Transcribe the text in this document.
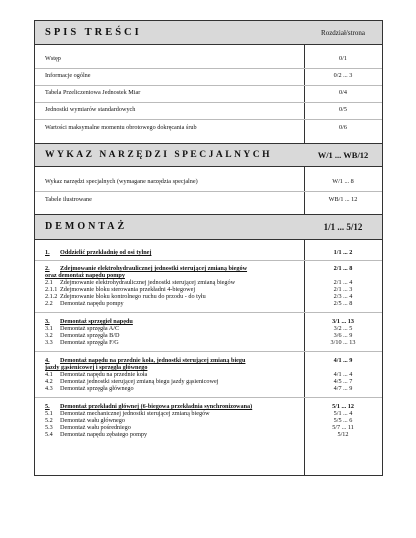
SPIS TREŚCI	Rozdział/strona
Wstęp	0/1
Informacje ogólne	0/2 ... 3
Tabela Przeliczeniowa Jednostek Miar	0/4
Jednostki wymiarów standardowych	0/5
Wartości maksymalne momentu obrotowego dokręcania śrub	0/6
WYKAZ NARZĘDZI SPECJALNYCH	W/1 ... WB/12
Wykaz narzędzi specjalnych (wymagane narzędzia specjalne)	W/1 ... 8
Tabele ilustrowane	WB/1 ... 12
DEMONTAŻ	1/1 ... 5/12
1. Oddzielić przekładnię od osi tylnej	1/1 ... 2
2. Zdejmowanie elektrohydraulicznej jednostki sterującej zmianą biegów
oraz demontaż napędu pompy
2/1 ... 8
2.1 Zdejmowanie elektrohydraulicznej jednostki sterującej zmianą biegów	2/1 ... 4
2.1.1 Zdejmowanie bloku sterowania przekładni 4-biegowej	2/1 ... 3
2.1.2 Zdejmowanie bloku kontrolnego ruchu do przodu - do tyłu	2/3 ... 4
2.2 Demontaż napędu pompy	2/5 ... 8
3. Demontaż sprzęgieł napędu	3/1 ... 13
3.1 Demontaż sprzęgła A/C	3/2 ... 5
3.2 Demontaż sprzęgła B/D	3/6 ... 9
3.3 Demontaż sprzęgła F/G	3/10 ... 13
4. Demontaż napędu na przednie koła, jednostki sterującej zmianą biegu
jazdy gąsienicowej i sprzęgła głównego
4/1 ... 9
4.1 Demontaż napędu na przednie koła	4/1 ... 4
4.2 Demontaż jednostki sterującej zmianą biegu jazdy gąsienicowej	4/5 ... 7
4.3 Demontaż sprzęgła głównego	4/7 ... 9
5. Demontaż przekładni głównej (6-biegowa przekładnia synchronizowana)	5/1 ... 12
5.1 Demontaż mechanicznej jednostki sterującej zmianą biegów	5/1 ... 4
5.2 Demontaż wału głównego	5/5 ... 6
5.3 Demontaż wału pośredniego	5/7 ... 11
5.4 Demontaż napędu zębatego pompy	5/12
